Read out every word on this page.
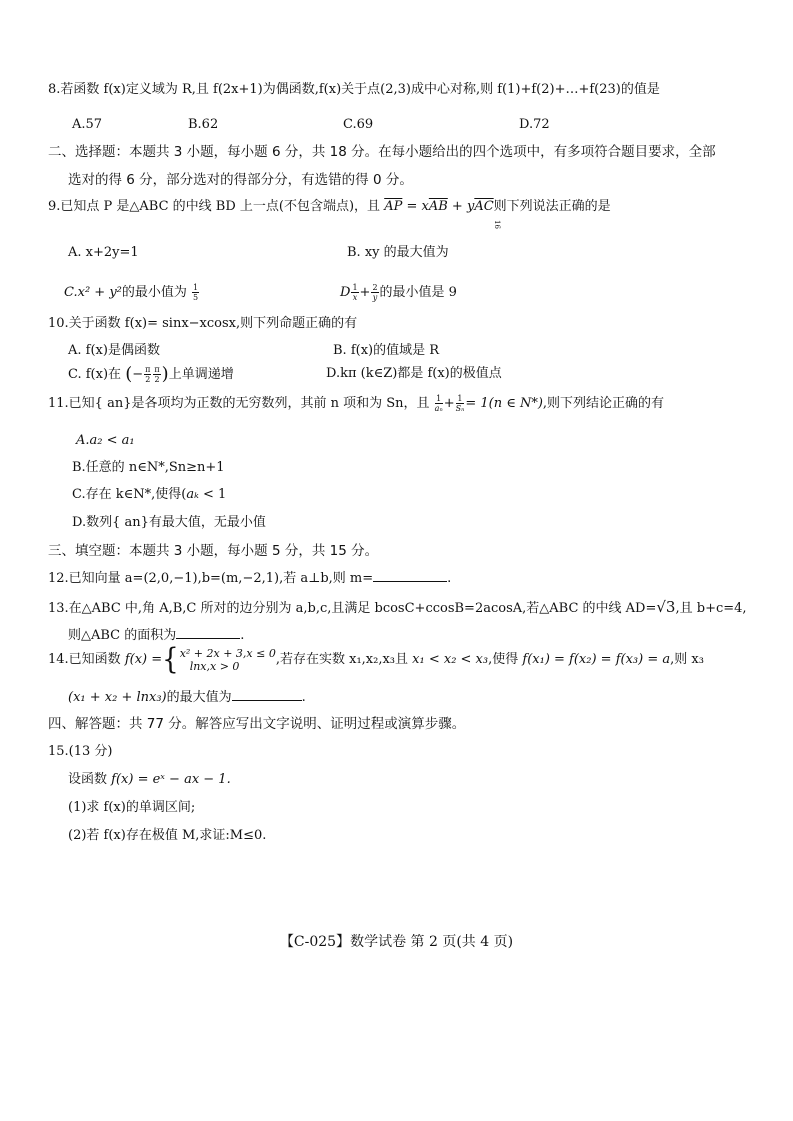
8.若函数 f(x)定义域为 R,且 f(2x+1)为偶函数,f(x)关于点(2,3)成中心对称,则 f(1)+f(2)+…+f(23)的值是
A.57	B.62	C.69	D.72
二、选择题：本题共 3 小题，每小题 6 分，共 18 分。在每小题给出的四个选项中，有多项符合题目要求，全部
选对的得 6 分，部分选对的得部分分，有选错的得 0 分。
9.已知点 P 是△ABC 的中线 BD 上一点(不包含端点)，且 $\overline{AP} = x\overline{AB} + y\overline{AC}$则下列说法正确的是
16
A. x+2y=1	B. xy 的最大值为
C.x² + y²的最小值为 $\frac{1}{5}$	D $\frac{1}{x} + \frac{2}{y}$ 的最小值是 9
10.关于函数 f(x)= sinx−xcosx,则下列命题正确的有
A. f(x)是偶函数	B. f(x)的值域是 R
C. f(x)在 (− $\frac{\pi}{2} \frac{\pi}{2}$ )上单调递增	D.kπ (k∈Z)都是 f(x)的极值点
11.已知{ an}是各项均为正数的无穷数列，其前 n 项和为 Sn，且 $\frac{1}{\text{aₙ}} + \frac{1}{\text{Sₙ}} = 1(n$ ∈ N*),则下列结论正确的有
A.a₂ < a₁
B.任意的 n∈N*,Sn≥n+1
C.存在 k∈N*,使得(aₖ < 1
D.数列{ an}有最大值，无最小值
三、填空题：本题共 3 小题，每小题 5 分，共 15 分。
12.已知向量 a=(2,0,−1),b=(m,−2,1),若 a⊥b,则 m=	.
13.在△ABC 中,角 A,B,C 所对的边分别为 a,b,c,且满足 bcosC+ccosB=2acosA,若△ABC 的中线 AD=√3,且 b+c=4,
则△ABC 的面积为	.
14.已知函数 f(x) ={ x² + 2x + 3,x ≤ 0
lnx,x > 0	,若存在实数 x₁,x₂,x₃且 x₁ < x₂ < x₃,使得 f(x₁) = f(x₂) = f(x₃) = a,则 x₃
(x₁ + x₂ + lnx₃)的最大值为	.
四、解答题：共 77 分。解答应写出文字说明、证明过程或演算步骤。
15.(13 分)
设函数 f(x) = eˣ − ax − 1.
(1)求 f(x)的单调区间;
(2)若 f(x)存在极值 M,求证:M≤0.
【C-025】数学试卷 第 2 页(共 4 页)
